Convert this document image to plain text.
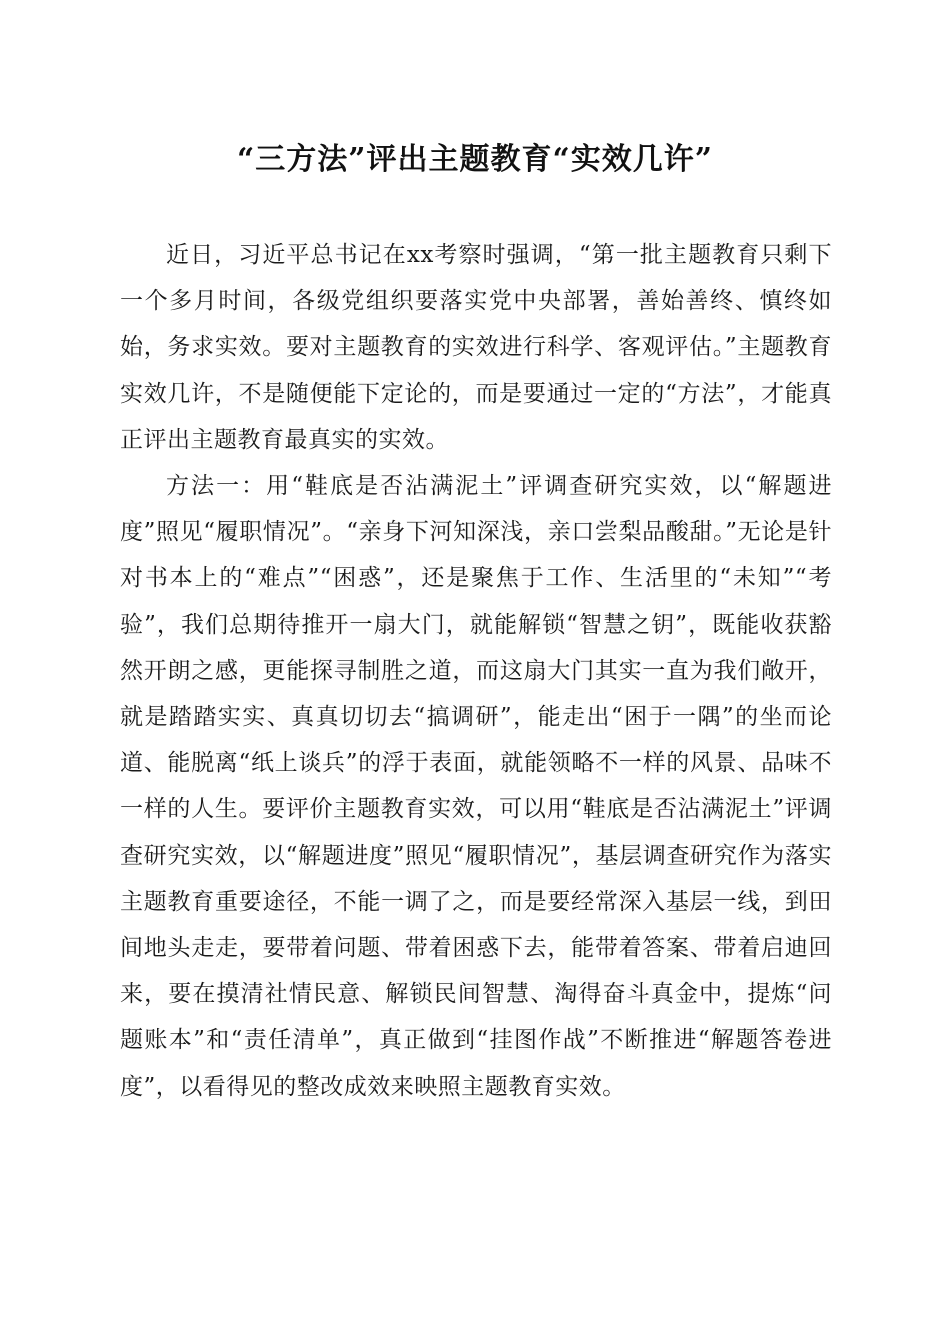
“三方法”评出主题教育“实效几许”

近日，习近平总书记在xx考察时强调，“第一批主题教育只剩下一个多月时间，各级党组织要落实党中央部署，善始善终、慎终如始，务求实效。要对主题教育的实效进行科学、客观评估。”主题教育实效几许，不是随便能下定论的，而是要通过一定的“方法”，才能真正评出主题教育最真实的实效。

方法一：用“鞋底是否沾满泥土”评调查研究实效，以“解题进度”照见“履职情况”。“亲身下河知深浅，亲口尝梨品酸甜。”无论是针对书本上的“难点”“困惑”，还是聚焦于工作、生活里的“未知”“考验”，我们总期待推开一扇大门，就能解锁“智慧之钥”，既能收获豁然开朗之感，更能探寻制胜之道，而这扇大门其实一直为我们敞开，就是踏踏实实、真真切切去“搞调研”，能走出“困于一隅”的坐而论道、能脱离“纸上谈兵”的浮于表面，就能领略不一样的风景、品味不一样的人生。要评价主题教育实效，可以用“鞋底是否沾满泥土”评调查研究实效，以“解题进度”照见“履职情况”，基层调查研究作为落实主题教育重要途径，不能一调了之，而是要经常深入基层一线，到田间地头走走，要带着问题、带着困惑下去，能带着答案、带着启迪回来，要在摸清社情民意、解锁民间智慧、淘得奋斗真金中，提炼“问题账本”和“责任清单”，真正做到“挂图作战”不断推进“解题答卷进度”，以看得见的整改成效来映照主题教育实效。
